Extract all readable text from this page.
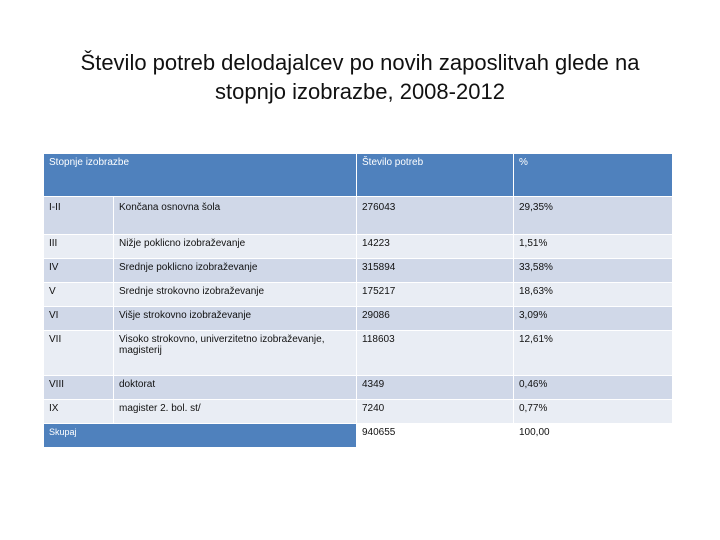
Število potreb delodajalcev po novih zaposlitvah glede na stopnjo izobrazbe, 2008-2012
Stopnje izobrazbe		Število potreb	%
I-II	Končana osnovna šola	276043	29,35%
III	Nižje poklicno izobraževanje	14223	1,51%
IV	Srednje poklicno izobraževanje	315894	33,58%
V	Srednje strokovno izobraževanje	175217	18,63%
VI	Višje strokovno izobraževanje	29086	3,09%
VII	Visoko strokovno, univerzitetno izobraževanje, magisterij	118603	12,61%
VIII	doktorat	4349	0,46%
IX	magister 2. bol. st/	7240	0,77%
Skupaj		940655	100,00
